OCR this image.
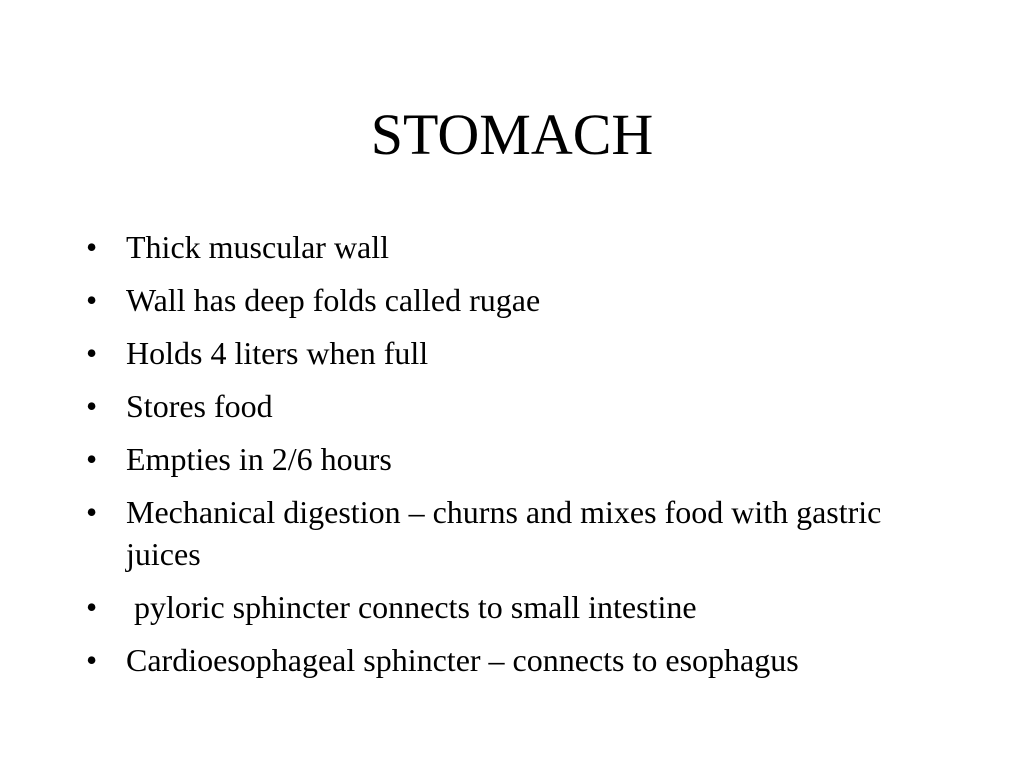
STOMACH
• Thick muscular wall
• Wall has deep folds called rugae
• Holds 4 liters when full
• Stores food
• Empties in 2/6 hours
• Mechanical digestion – churns and mixes food with gastric juices
• pyloric sphincter connects to small intestine
• Cardioesophageal sphincter – connects to esophagus
